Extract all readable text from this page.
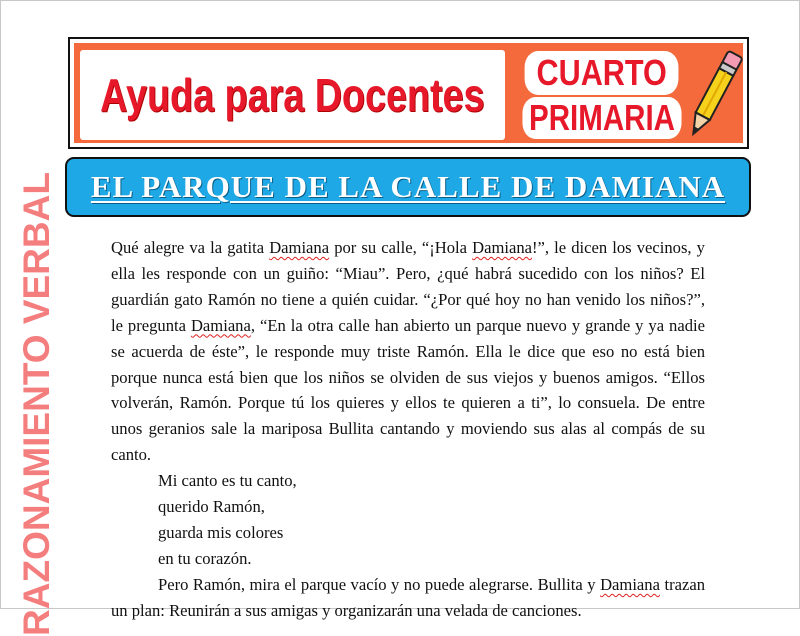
Ayuda para Docentes	CUARTO
PRIMARIA
EL PARQUE DE LA CALLE DE DAMIANA
RAZONAMIENTO VERBAL	Qué alegre va la gatita Damiana por su calle, “¡Hola Damiana!”, le dicen los vecinos, y ella les responde con un guiño: “Miau”. Pero, ¿qué habrá sucedido con los niños? El guardián gato Ramón no tiene a quién cuidar. “¿Por qué hoy no han venido los niños?”, le pregunta Damiana, “En la otra calle han abierto un parque nuevo y grande y ya nadie se acuerda de éste”, le responde muy triste Ramón. Ella le dice que eso no está bien porque nunca está bien que los niños se olviden de sus viejos y buenos amigos. “Ellos volverán, Ramón. Porque tú los quieres y ellos te quieren a ti”, lo consuela. De entre unos geranios sale la mariposa Bullita cantando y moviendo sus alas al compás de su canto.

Mi canto es tu canto,

querido Ramón,

guarda mis colores

en tu corazón.

Pero Ramón, mira el parque vacío y no puede alegrarse. Bullita y Damiana trazan un plan: Reunirán a sus amigas y organizarán una velada de canciones.
